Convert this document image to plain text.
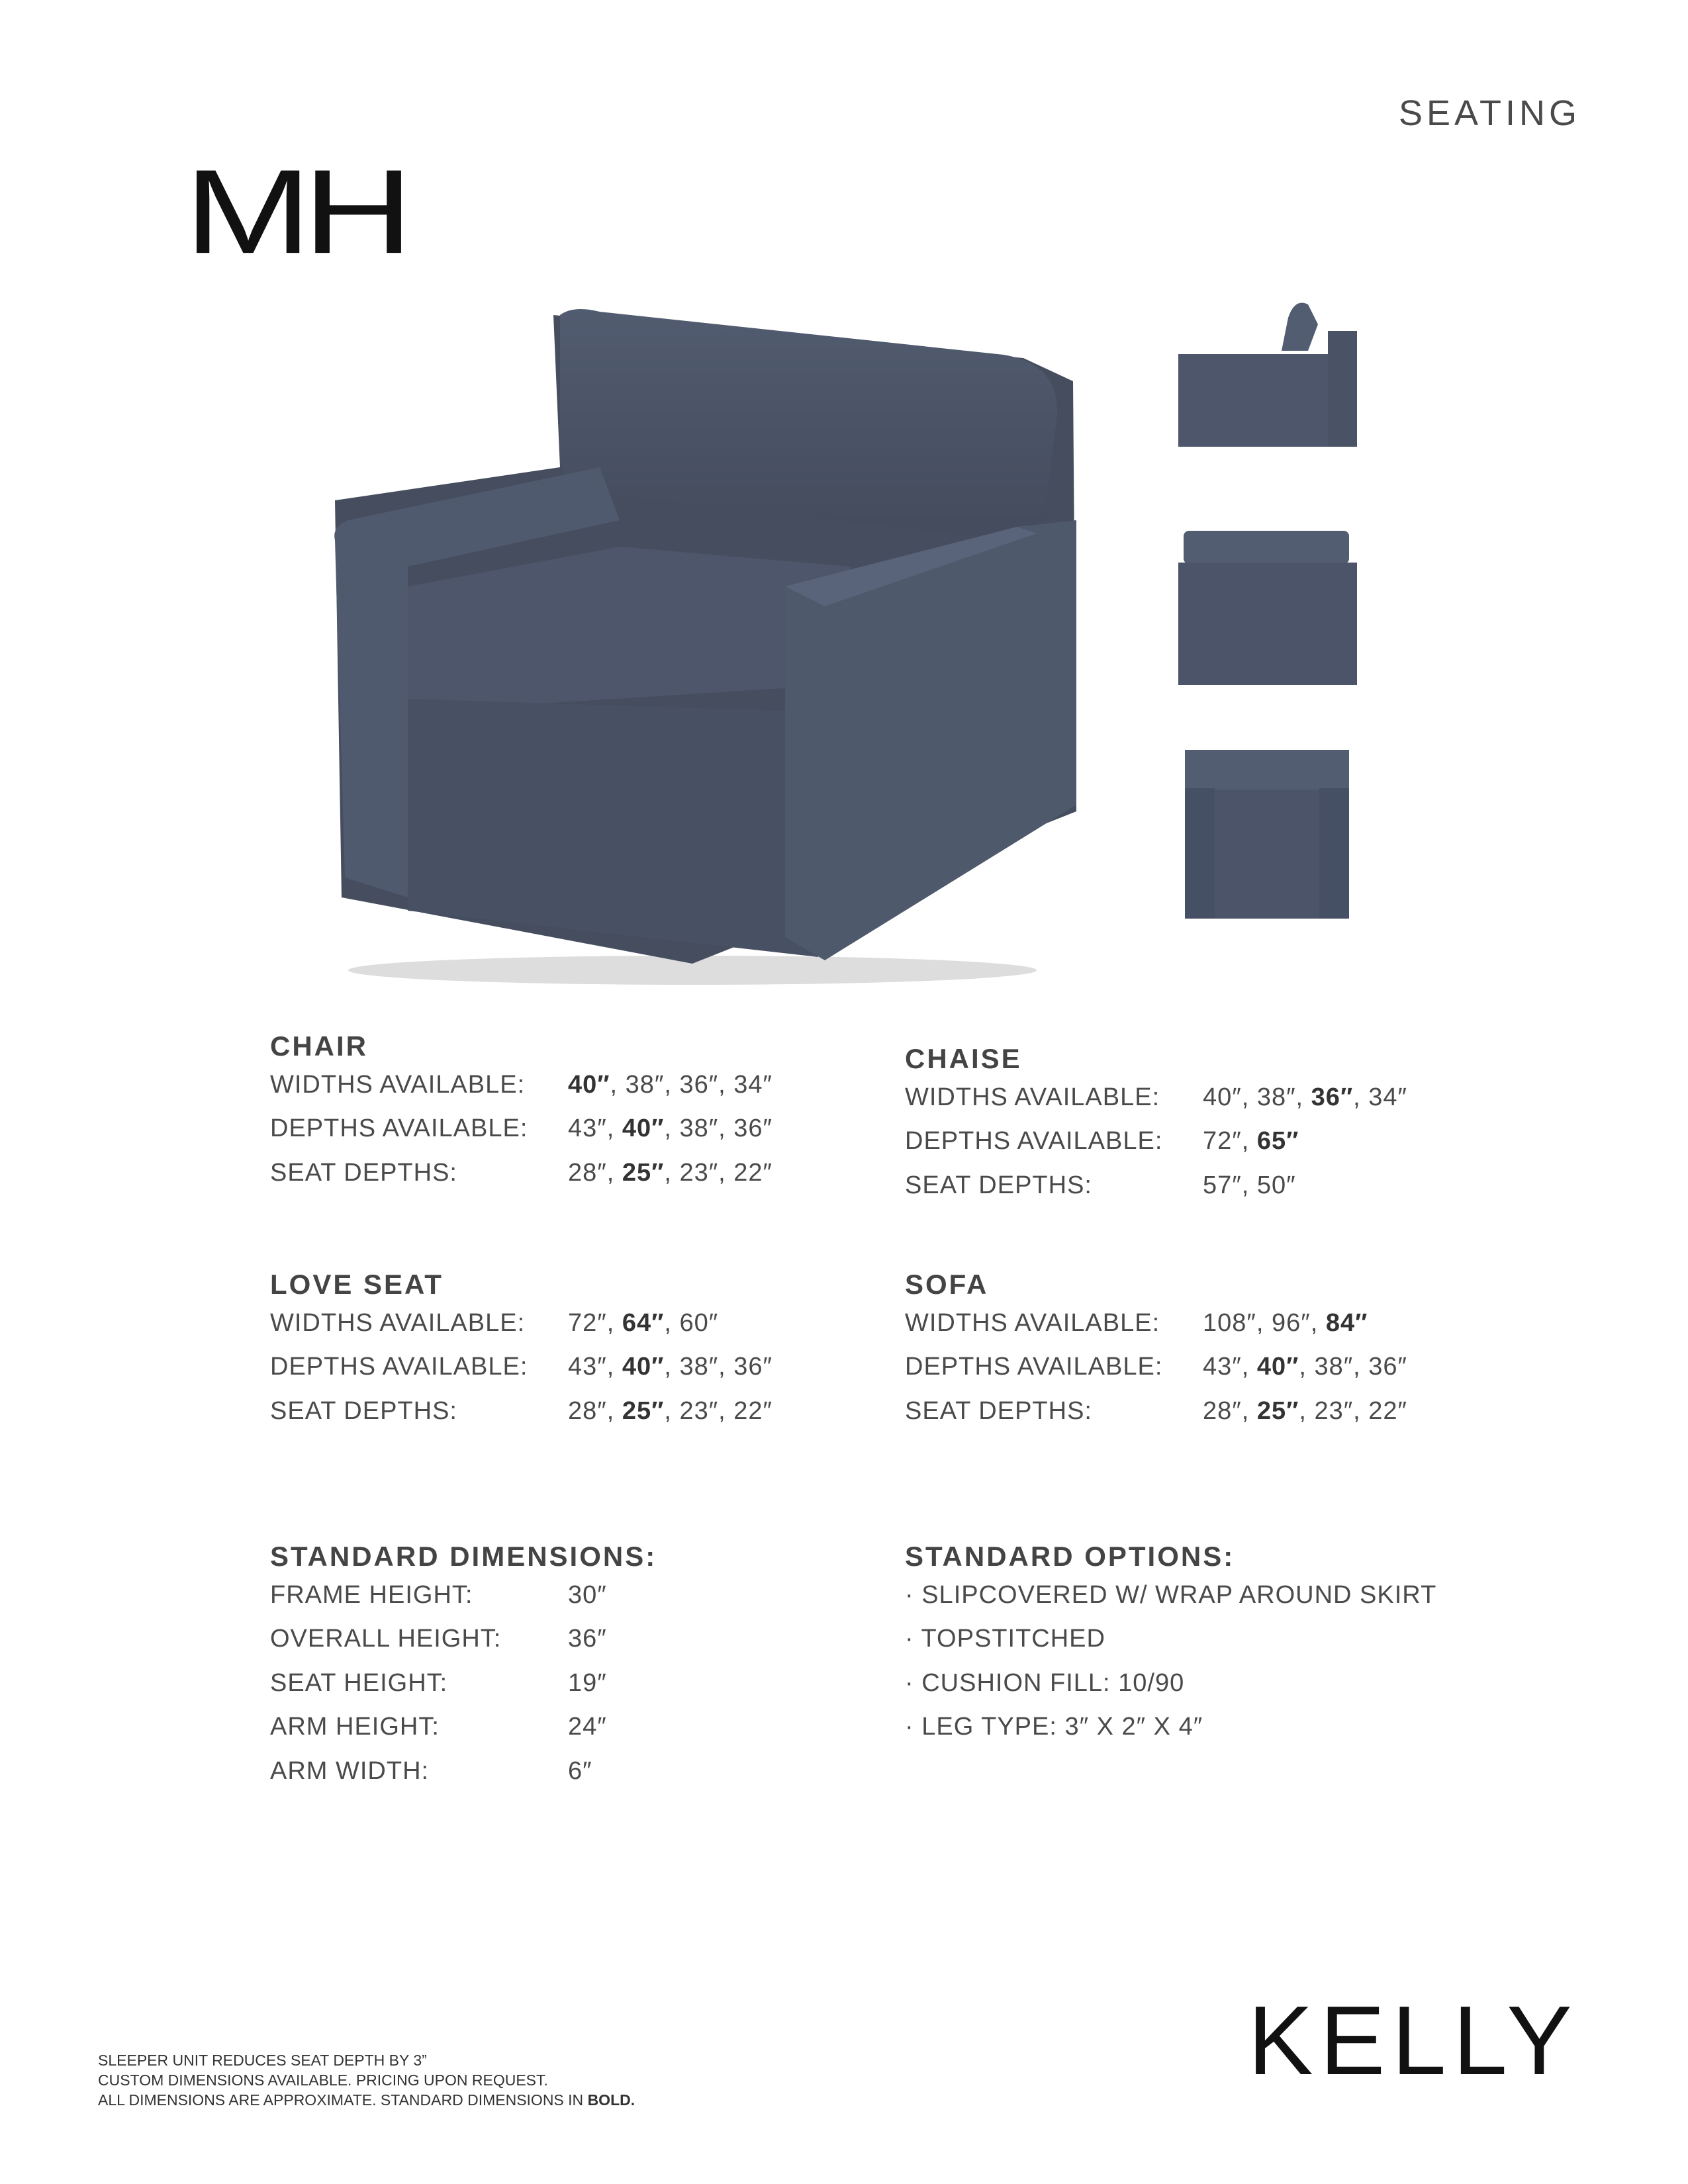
SEATING
MH
CHAIR
WIDTHS AVAILABLE:	40″, 38″, 36″, 34″
DEPTHS AVAILABLE:	43″, 40″, 38″, 36″
SEAT DEPTHS:	28″, 25″, 23″, 22″
CHAISE
WIDTHS AVAILABLE:	40″, 38″, 36″, 34″
DEPTHS AVAILABLE:	72″, 65″
SEAT DEPTHS:	57″, 50″
LOVE SEAT
WIDTHS AVAILABLE:	72″, 64″, 60″
DEPTHS AVAILABLE:	43″, 40″, 38″, 36″
SEAT DEPTHS:	28″, 25″, 23″, 22″
SOFA
WIDTHS AVAILABLE:	108″, 96″, 84″
DEPTHS AVAILABLE:	43″, 40″, 38″, 36″
SEAT DEPTHS:	28″, 25″, 23″, 22″
STANDARD DIMENSIONS:
FRAME HEIGHT:	30″
OVERALL HEIGHT:	36″
SEAT HEIGHT:	19″
ARM HEIGHT:	24″
ARM WIDTH:	6″
STANDARD OPTIONS:
· SLIPCOVERED W/ WRAP AROUND SKIRT
· TOPSTITCHED
· CUSHION FILL: 10/90
· LEG TYPE: 3″ X 2″ X 4″
SLEEPER UNIT REDUCES SEAT DEPTH BY 3”
CUSTOM DIMENSIONS AVAILABLE. PRICING UPON REQUEST.
ALL DIMENSIONS ARE APPROXIMATE. STANDARD DIMENSIONS IN BOLD.
KELLY
